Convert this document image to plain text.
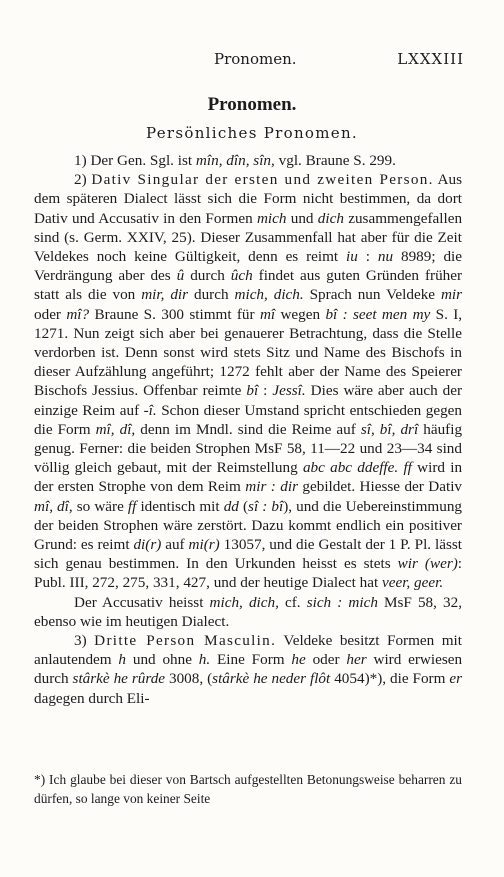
Pronomen.	LXXXIII
Pronomen.
Persönliches Pronomen.

1) Der Gen. Sgl. ist mîn, dîn, sîn, vgl. Braune S. 299.

2) Dativ Singular der ersten und zweiten Person. Aus dem späteren Dialect lässt sich die Form nicht bestimmen, da dort Dativ und Accusativ in den Formen mich und dich zusammengefallen sind (s. Germ. XXIV, 25). Dieser Zusammenfall hat aber für die Zeit Veldekes noch keine Gültigkeit, denn es reimt iu : nu 8989; die Verdrängung aber des û durch ûch findet aus guten Gründen früher statt als die von mir, dir durch mich, dich. Sprach nun Veldeke mir oder mî? Braune S. 300 stimmt für mî wegen bî : seet men my S. I, 1271. Nun zeigt sich aber bei genauerer Betrachtung, dass die Stelle verdorben ist. Denn sonst wird stets Sitz und Name des Bischofs in dieser Aufzählung angeführt; 1272 fehlt aber der Name des Speierer Bischofs Jessius. Offenbar reimte bî : Jessî. Dies wäre aber auch der einzige Reim auf -î. Schon dieser Umstand spricht entschieden gegen die Form mî, dî, denn im Mndl. sind die Reime auf sî, bî, drî häufig genug. Ferner: die beiden Strophen MsF 58, 11—22 und 23—34 sind völlig gleich gebaut, mit der Reimstellung abc abc ddeffe. ff wird in der ersten Strophe von dem Reim mir : dir gebildet. Hiesse der Dativ mî, dî, so wäre ff identisch mit dd (sî : bî), und die Uebereinstimmung der beiden Strophen wäre zerstört. Dazu kommt endlich ein positiver Grund: es reimt di(r) auf mi(r) 13057, und die Gestalt der 1 P. Pl. lässt sich genau bestimmen. In den Urkunden heisst es stets wir (wer): Publ. III, 272, 275, 331, 427, und der heutige Dialect hat veer, geer.

Der Accusativ heisst mich, dich, cf. sich : mich MsF 58, 32, ebenso wie im heutigen Dialect.

3) Dritte Person Masculin. Veldeke besitzt Formen mit anlautendem h und ohne h. Eine Form he oder her wird erwiesen durch stârkè he rûrde 3008, (stârkè he neder flôt 4054)*), die Form er dagegen durch Eli-

*) Ich glaube bei dieser von Bartsch aufgestellten Betonungsweise beharren zu dürfen, so lange von keiner Seite
